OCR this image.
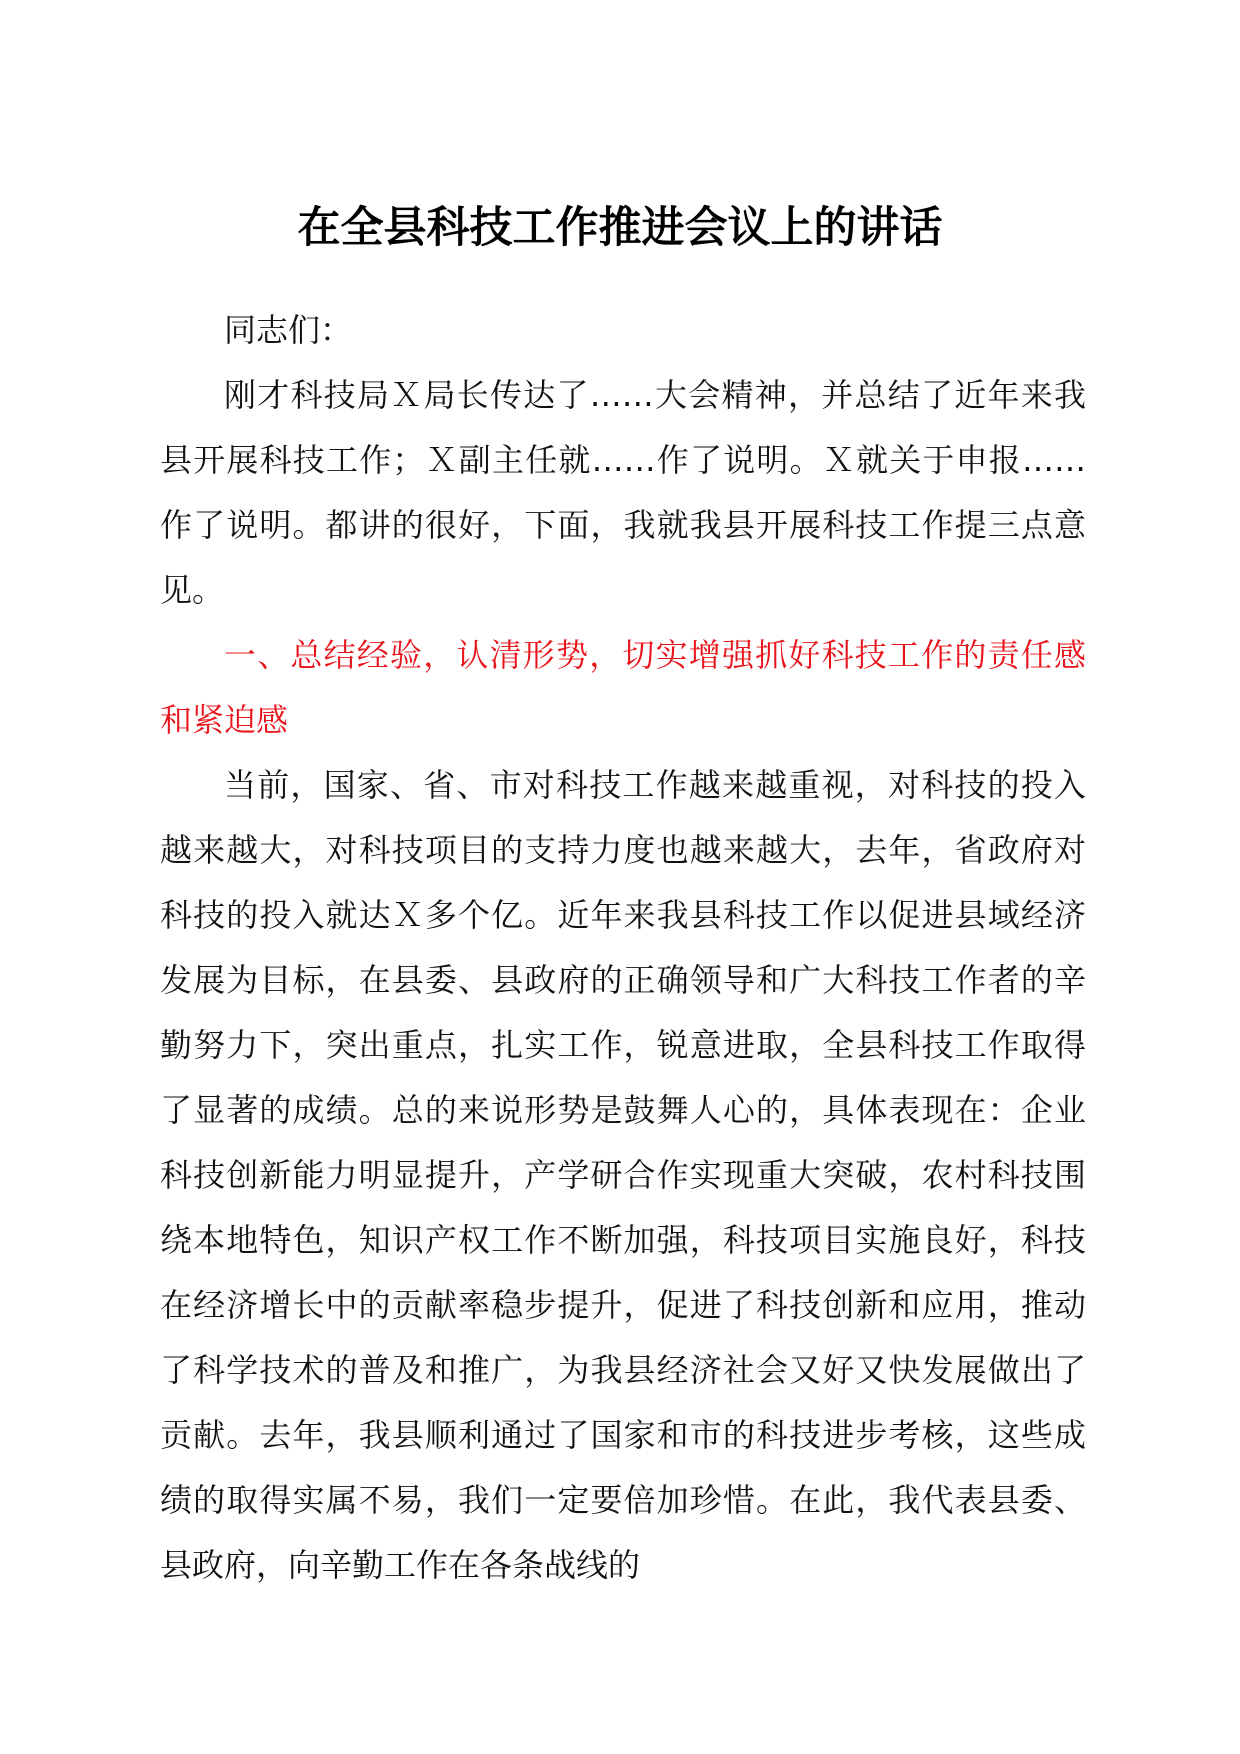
在全县科技工作推进会议上的讲话

同志们：

刚才科技局Ｘ局长传达了……大会精神，并总结了近年来我县开展科技工作；Ｘ副主任就……作了说明。Ｘ就关于申报……作了说明。都讲的很好，下面，我就我县开展科技工作提三点意见。

一、总结经验，认清形势，切实增强抓好科技工作的责任感和紧迫感

当前，国家、省、市对科技工作越来越重视，对科技的投入越来越大，对科技项目的支持力度也越来越大，去年，省政府对科技的投入就达Ｘ多个亿。近年来我县科技工作以促进县域经济发展为目标，在县委、县政府的正确领导和广大科技工作者的辛勤努力下，突出重点，扎实工作，锐意进取，全县科技工作取得了显著的成绩。总的来说形势是鼓舞人心的，具体表现在：企业科技创新能力明显提升，产学研合作实现重大突破，农村科技围绕本地特色，知识产权工作不断加强，科技项目实施良好，科技在经济增长中的贡献率稳步提升，促进了科技创新和应用，推动了科学技术的普及和推广，为我县经济社会又好又快发展做出了贡献。去年，我县顺利通过了国家和市的科技进步考核，这些成绩的取得实属不易，我们一定要倍加珍惜。在此，我代表县委、县政府，向辛勤工作在各条战线的
